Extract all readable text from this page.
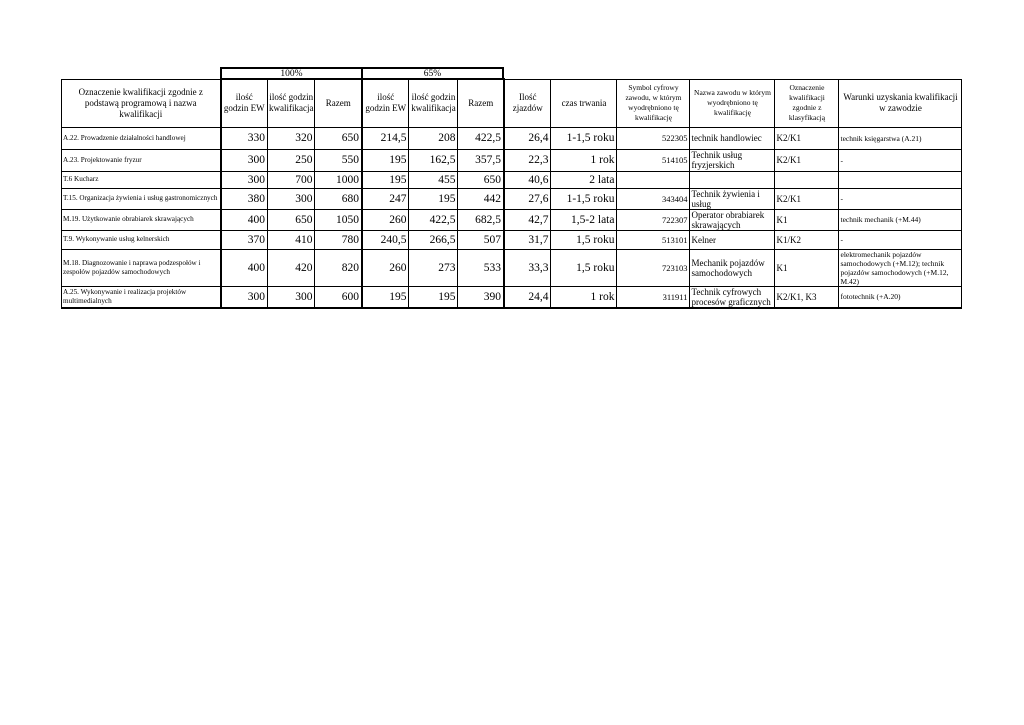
100%	65%
Oznaczenie kwalifikacji zgodnie z podstawą programową i nazwa kwalifikacji	ilość godzin EW	ilość godzin kwalifikacja	Razem	ilość godzin EW	ilość godzin kwalifikacja	Razem	Ilość zjazdów	czas trwania	Symbol cyfrowy zawodu, w którym wyodrębniono tę kwalifikację	Nazwa zawodu w którym wyodrębniono tę kwalifikację	Oznaczenie kwalifikacji zgodnie z klasyfikacją	Warunki uzyskania kwalifikacji w zawodzie
A.22. Prowadzenie działalności handlowej	330	320	650	214,5	208	422,5	26,4	1-1,5 roku	522305	technik handlowiec	K2/K1	technik księgarstwa (A.21)
A.23. Projektowanie fryzur	300	250	550	195	162,5	357,5	22,3	1 rok	514105	Technik usług fryzjerskich	K2/K1	-
T.6 Kucharz	300	700	1000	195	455	650	40,6	2 lata				
T.15. Organizacja żywienia i usług gastronomicznych	380	300	680	247	195	442	27,6	1-1,5 roku	343404	Technik żywienia i usług	K2/K1	-
M.19. Użytkowanie obrabiarek skrawających	400	650	1050	260	422,5	682,5	42,7	1,5-2 lata	722307	Operator obrabiarek skrawających	K1	technik mechanik (+M.44)
T.9. Wykonywanie usług kelnerskich	370	410	780	240,5	266,5	507	31,7	1,5 roku	513101	Kelner	K1/K2	-
M.18. Diagnozowanie i naprawa podzespołów i zespołów pojazdów samochodowych	400	420	820	260	273	533	33,3	1,5 roku	723103	Mechanik pojazdów samochodowych	K1	elektromechanik pojazdów samochodowych (+M.12); technik pojazdów samochodowych (+M.12, M.42)
A.25. Wykonywanie i realizacja projektów multimedialnych	300	300	600	195	195	390	24,4	1 rok	311911	Technik cyfrowych procesów graficznych	K2/K1, K3	fototechnik (+A.20)
